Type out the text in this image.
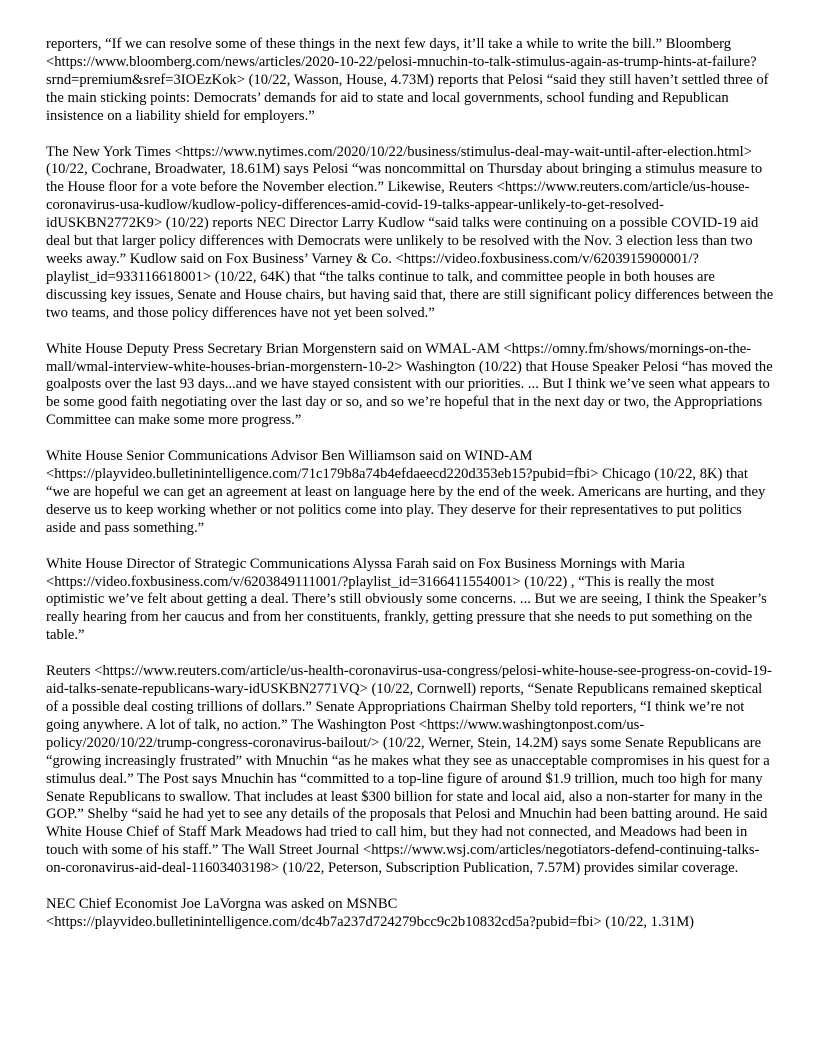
reporters, “If we can resolve some of these things in the next few days, it’ll take a while to write the bill.” Bloomberg <https://www.bloomberg.com/news/articles/2020-10-22/pelosi-mnuchin-to-talk-stimulus-again-as-trump-hints-at-failure?srnd=premium&sref=3IOEzKok> (10/22, Wasson, House, 4.73M) reports that Pelosi “said they still haven’t settled three of the main sticking points: Democrats’ demands for aid to state and local governments, school funding and Republican insistence on a liability shield for employers.”

The New York Times <https://www.nytimes.com/2020/10/22/business/stimulus-deal-may-wait-until-after-election.html> (10/22, Cochrane, Broadwater, 18.61M) says Pelosi “was noncommittal on Thursday about bringing a stimulus measure to the House floor for a vote before the November election.” Likewise, Reuters <https://www.reuters.com/article/us-house-coronavirus-usa-kudlow/kudlow-policy-differences-amid-covid-19-talks-appear-unlikely-to-get-resolved-idUSKBN2772K9> (10/22) reports NEC Director Larry Kudlow “said talks were continuing on a possible COVID-19 aid deal but that larger policy differences with Democrats were unlikely to be resolved with the Nov. 3 election less than two weeks away.” Kudlow said on Fox Business’ Varney & Co. <https://video.foxbusiness.com/v/6203915900001/?playlist_id=933116618001> (10/22, 64K) that “the talks continue to talk, and committee people in both houses are discussing key issues, Senate and House chairs, but having said that, there are still significant policy differences between the two teams, and those policy differences have not yet been solved.”

White House Deputy Press Secretary Brian Morgenstern said on WMAL-AM <https://omny.fm/shows/mornings-on-the-mall/wmal-interview-white-houses-brian-morgenstern-10-2> Washington (10/22) that House Speaker Pelosi “has moved the goalposts over the last 93 days...and we have stayed consistent with our priorities. ... But I think we’ve seen what appears to be some good faith negotiating over the last day or so, and so we’re hopeful that in the next day or two, the Appropriations Committee can make some more progress.”

White House Senior Communications Advisor Ben Williamson said on WIND-AM <https://playvideo.bulletinintelligence.com/71c179b8a74b4efdaeecd220d353eb15?pubid=fbi> Chicago (10/22, 8K) that “we are hopeful we can get an agreement at least on language here by the end of the week. Americans are hurting, and they deserve us to keep working whether or not politics come into play. They deserve for their representatives to put politics aside and pass something.”

White House Director of Strategic Communications Alyssa Farah said on Fox Business Mornings with Maria <https://video.foxbusiness.com/v/6203849111001/?playlist_id=3166411554001> (10/22) , “This is really the most optimistic we’ve felt about getting a deal. There’s still obviously some concerns. ... But we are seeing, I think the Speaker’s really hearing from her caucus and from her constituents, frankly, getting pressure that she needs to put something on the table.”

Reuters <https://www.reuters.com/article/us-health-coronavirus-usa-congress/pelosi-white-house-see-progress-on-covid-19-aid-talks-senate-republicans-wary-idUSKBN2771VQ> (10/22, Cornwell) reports, “Senate Republicans remained skeptical of a possible deal costing trillions of dollars.” Senate Appropriations Chairman Shelby told reporters, “I think we’re not going anywhere. A lot of talk, no action.” The Washington Post <https://www.washingtonpost.com/us-policy/2020/10/22/trump-congress-coronavirus-bailout/> (10/22, Werner, Stein, 14.2M) says some Senate Republicans are “growing increasingly frustrated” with Mnuchin “as he makes what they see as unacceptable compromises in his quest for a stimulus deal.” The Post says Mnuchin has “committed to a top-line figure of around $1.9 trillion, much too high for many Senate Republicans to swallow. That includes at least $300 billion for state and local aid, also a non-starter for many in the GOP.” Shelby “said he had yet to see any details of the proposals that Pelosi and Mnuchin had been batting around. He said White House Chief of Staff Mark Meadows had tried to call him, but they had not connected, and Meadows had been in touch with some of his staff.” The Wall Street Journal <https://www.wsj.com/articles/negotiators-defend-continuing-talks-on-coronavirus-aid-deal-11603403198> (10/22, Peterson, Subscription Publication, 7.57M) provides similar coverage.

NEC Chief Economist Joe LaVorgna was asked on MSNBC <https://playvideo.bulletinintelligence.com/dc4b7a237d724279bcc9c2b10832cd5a?pubid=fbi> (10/22, 1.31M)
